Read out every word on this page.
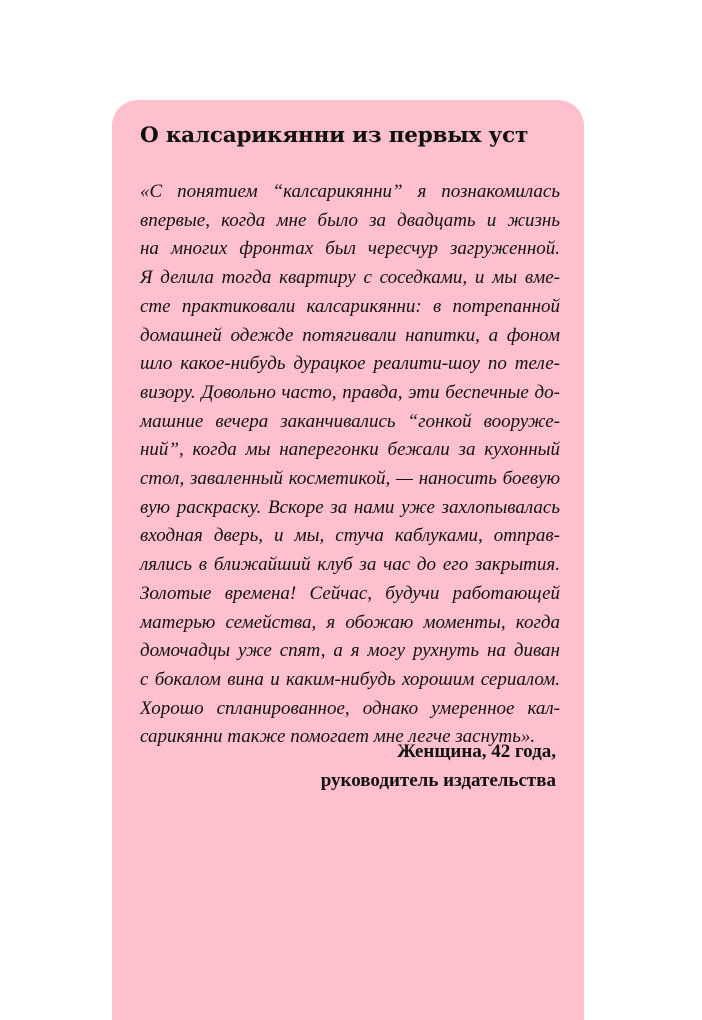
О калсарикянни из первых уст
«С понятием “калсарикянни” я познакомилась
впервые, когда мне было за двадцать и жизнь
на многих фронтах был чересчур загруженной.
Я делила тогда квартиру с соседками, и мы вме-
сте практиковали калсарикянни: в потрепанной
домашней одежде потягивали напитки, а фоном
шло какое-нибудь дурацкое реалити-шоу по теле-
визору. Довольно часто, правда, эти беспечные до-
машние вечера заканчивались “гонкой вооруже-
ний”, когда мы наперегонки бежали за кухонный
стол, заваленный косметикой, — наносить боевую
вую раскраску. Вскоре за нами уже захлопывалась
входная дверь, и мы, стуча каблуками, отправ-
лялись в ближайший клуб за час до его закрытия.
Золотые времена! Сейчас, будучи работающей
матерью семейства, я обожаю моменты, когда
домочадцы уже спят, а я могу рухнуть на диван
с бокалом вина и каким-нибудь хорошим сериалом.
Хорошо спланированное, однако умеренное кал-
сарикянни также помогает мне легче заснуть».
Женщина, 42 года,
руководитель издательства
